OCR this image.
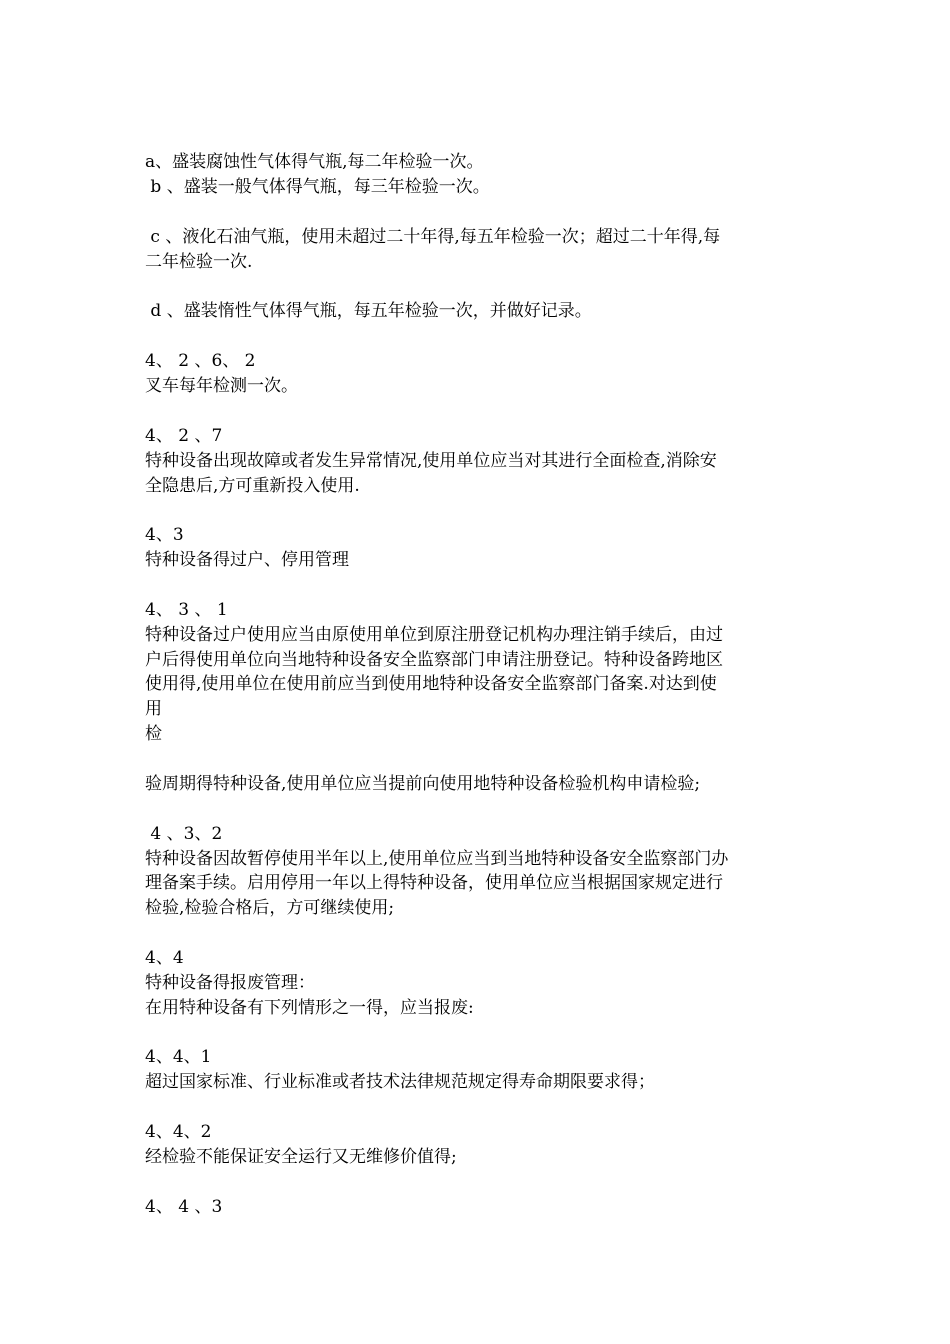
a、盛装腐蚀性气体得气瓶,每二年检验一次。
b 、盛装一般气体得气瓶，每三年检验一次。
c 、液化石油气瓶，使用未超过二十年得,每五年检验一次；超过二十年得,每
二年检验一次.
d 、盛装惰性气体得气瓶，每五年检验一次，并做好记录。
4、 2 、6、 2
叉车每年检测一次。
4、 2 、7
特种设备出现故障或者发生异常情况,使用单位应当对其进行全面检查,消除安
全隐患后,方可重新投入使用.
4、3
特种设备得过户、停用管理
4、 3 、 1
特种设备过户使用应当由原使用单位到原注册登记机构办理注销手续后，由过
户后得使用单位向当地特种设备安全监察部门申请注册登记。特种设备跨地区
使用得,使用单位在使用前应当到使用地特种设备安全监察部门备案.对达到使
用
检
验周期得特种设备,使用单位应当提前向使用地特种设备检验机构申请检验;
4 、3、2
特种设备因故暂停使用半年以上,使用单位应当到当地特种设备安全监察部门办
理备案手续。启用停用一年以上得特种设备，使用单位应当根据国家规定进行
检验,检验合格后，方可继续使用;
4、4
特种设备得报废管理：
在用特种设备有下列情形之一得，应当报废:
4、4、1
超过国家标准、行业标准或者技术法律规范规定得寿命期限要求得；
4、4、2
经检验不能保证安全运行又无维修价值得;
4、 4 、3
